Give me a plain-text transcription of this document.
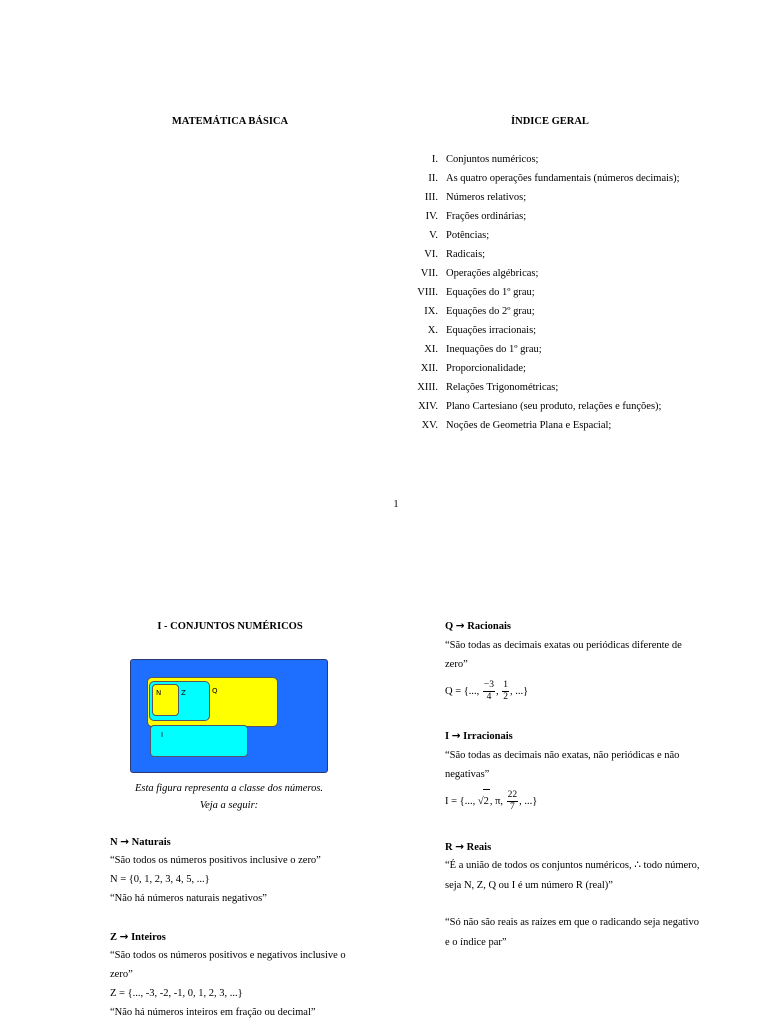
MATEMÁTICA BÁSICA	ÍNDICE GERAL
I. Conjuntos numéricos;
II. As quatro operações fundamentais (números decimais);
III. Números relativos;
IV. Frações ordinárias;
V. Potências;
VI. Radicais;
VII. Operações algébricas;
VIII. Equações do 1º grau;
IX. Equações do 2º grau;
X. Equações irracionais;
XI. Inequações do 1º grau;
XII. Proporcionalidade;
XIII. Relações Trigonométricas;
XIV. Plano Cartesiano (seu produto, relações e funções);
XV. Noções de Geometria Plana e Espacial;
1
I - CONJUNTOS NUMÉRICOS
Q
Z
N
I
Esta figura representa a classe dos números.
Veja a seguir:
N → Naturais
“São todos os números positivos inclusive o zero”
N = {0, 1, 2, 3, 4, 5, ...}
“Não há números naturais negativos”
Z → Inteiros
“São todos os números positivos e negativos inclusive o
zero”
Z = {..., -3, -2, -1, 0, 1, 2, 3, ...}
“Não há números inteiros em fração ou decimal”
Q → Racionais
“São todas as decimais exatas ou periódicas diferente de
zero”
Q = {..., $\frac{-3}{4}$ , $\frac{1}{2}$ , ...}
I → Irracionais
“São todas as decimais não exatas, não periódicas e não
negativas”
I = {..., √2, π, $\frac{22}{7}$ , ...}
R → Reais
“É a união de todos os conjuntos numéricos, ∴ todo número,
seja N, Z, Q ou I é um número R (real)”
“Só não são reais as raízes em que o radicando seja negativo
e o índice par”
